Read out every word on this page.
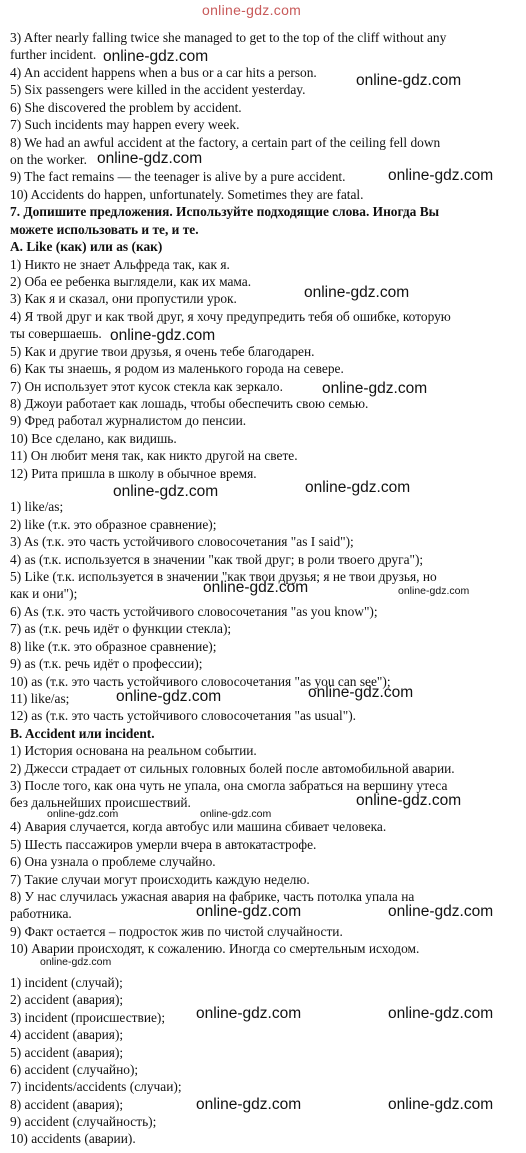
online-gdz.com
3) After nearly falling twice she managed to get to the top of the cliff without any
further incident.
4) An accident happens when a bus or a car hits a person.
5) Six passengers were killed in the accident yesterday.
6) She discovered the problem by accident.
7) Such incidents may happen every week.
8) We had an awful accident at the factory, a certain part of the ceiling fell down
on the worker.
9) The fact remains — the teenager is alive by a pure accident.
10) Accidents do happen, unfortunately. Sometimes they are fatal.
7. Допишите предложения. Используйте подходящие слова. Иногда Вы
можете использовать и те, и те.
A. Like (как) или as (как)
1) Никто не знает Альфреда так, как я.
2) Оба ее ребенка выглядели, как их мама.
3) Как я и сказал, они пропустили урок.
4) Я твой друг и как твой друг, я хочу предупредить тебя об ошибке, которую
ты совершаешь.
5) Как и другие твои друзья, я очень тебе благодарен.
6) Как ты знаешь, я родом из маленького города на севере.
7) Он использует этот кусок стекла как зеркало.
8) Джоуи работает как лошадь, чтобы обеспечить свою семью.
9) Фред работал журналистом до пенсии.
10) Все сделано, как видишь.
11) Он любит меня так, как никто другой на свете.
12) Рита пришла в школу в обычное время.
1) like/as;
2) like (т.к. это образное сравнение);
3) As (т.к. это часть устойчивого словосочетания "as I said");
4) as (т.к. используется в значении "как твой друг; в роли твоего друга");
5) Like (т.к. используется в значении "как твои друзья; я не твои друзья, но
как и они");
6) As (т.к. это часть устойчивого словосочетания "as you know");
7) as (т.к. речь идёт о функции стекла);
8) like (т.к. это образное сравнение);
9) as (т.к. речь идёт о профессии);
10) as (т.к. это часть устойчивого словосочетания "as you can see");
11) like/as;
12) as (т.к. это часть устойчивого словосочетания "as usual").
B. Accident или incident.
1) История основана на реальном событии.
2) Джесси страдает от сильных головных болей после автомобильной аварии.
3) После того, как она чуть не упала, она смогла забраться на вершину утеса
без дальнейших происшествий.
4) Авария случается, когда автобус или машина сбивает человека.
5) Шесть пассажиров умерли вчера в автокатастрофе.
6) Она узнала о проблеме случайно.
7) Такие случаи могут происходить каждую неделю.
8) У нас случилась ужасная авария на фабрике, часть потолка упала на
работника.
9) Факт остается – подросток жив по чистой случайности.
10) Аварии происходят, к сожалению. Иногда со смертельным исходом.
1) incident (случай);
2) accident (авария);
3) incident (происшествие);
4) accident (авария);
5) accident (авария);
6) accident (случайно);
7) incidents/accidents (случаи);
8) accident (авария);
9) accident (случайность);
10) accidents (аварии).
online-gdz.com
online-gdz.com
online-gdz.com
online-gdz.com
online-gdz.com
online-gdz.com
online-gdz.com
online-gdz.com	online-gdz.com
online-gdz.com	online-gdz.com
online-gdz.com
online-gdz.com
online-gdz.com
online-gdz.com	online-gdz.com
online-gdz.com	online-gdz.com
online-gdz.com
online-gdz.com	online-gdz.com
online-gdz.com	online-gdz.com
